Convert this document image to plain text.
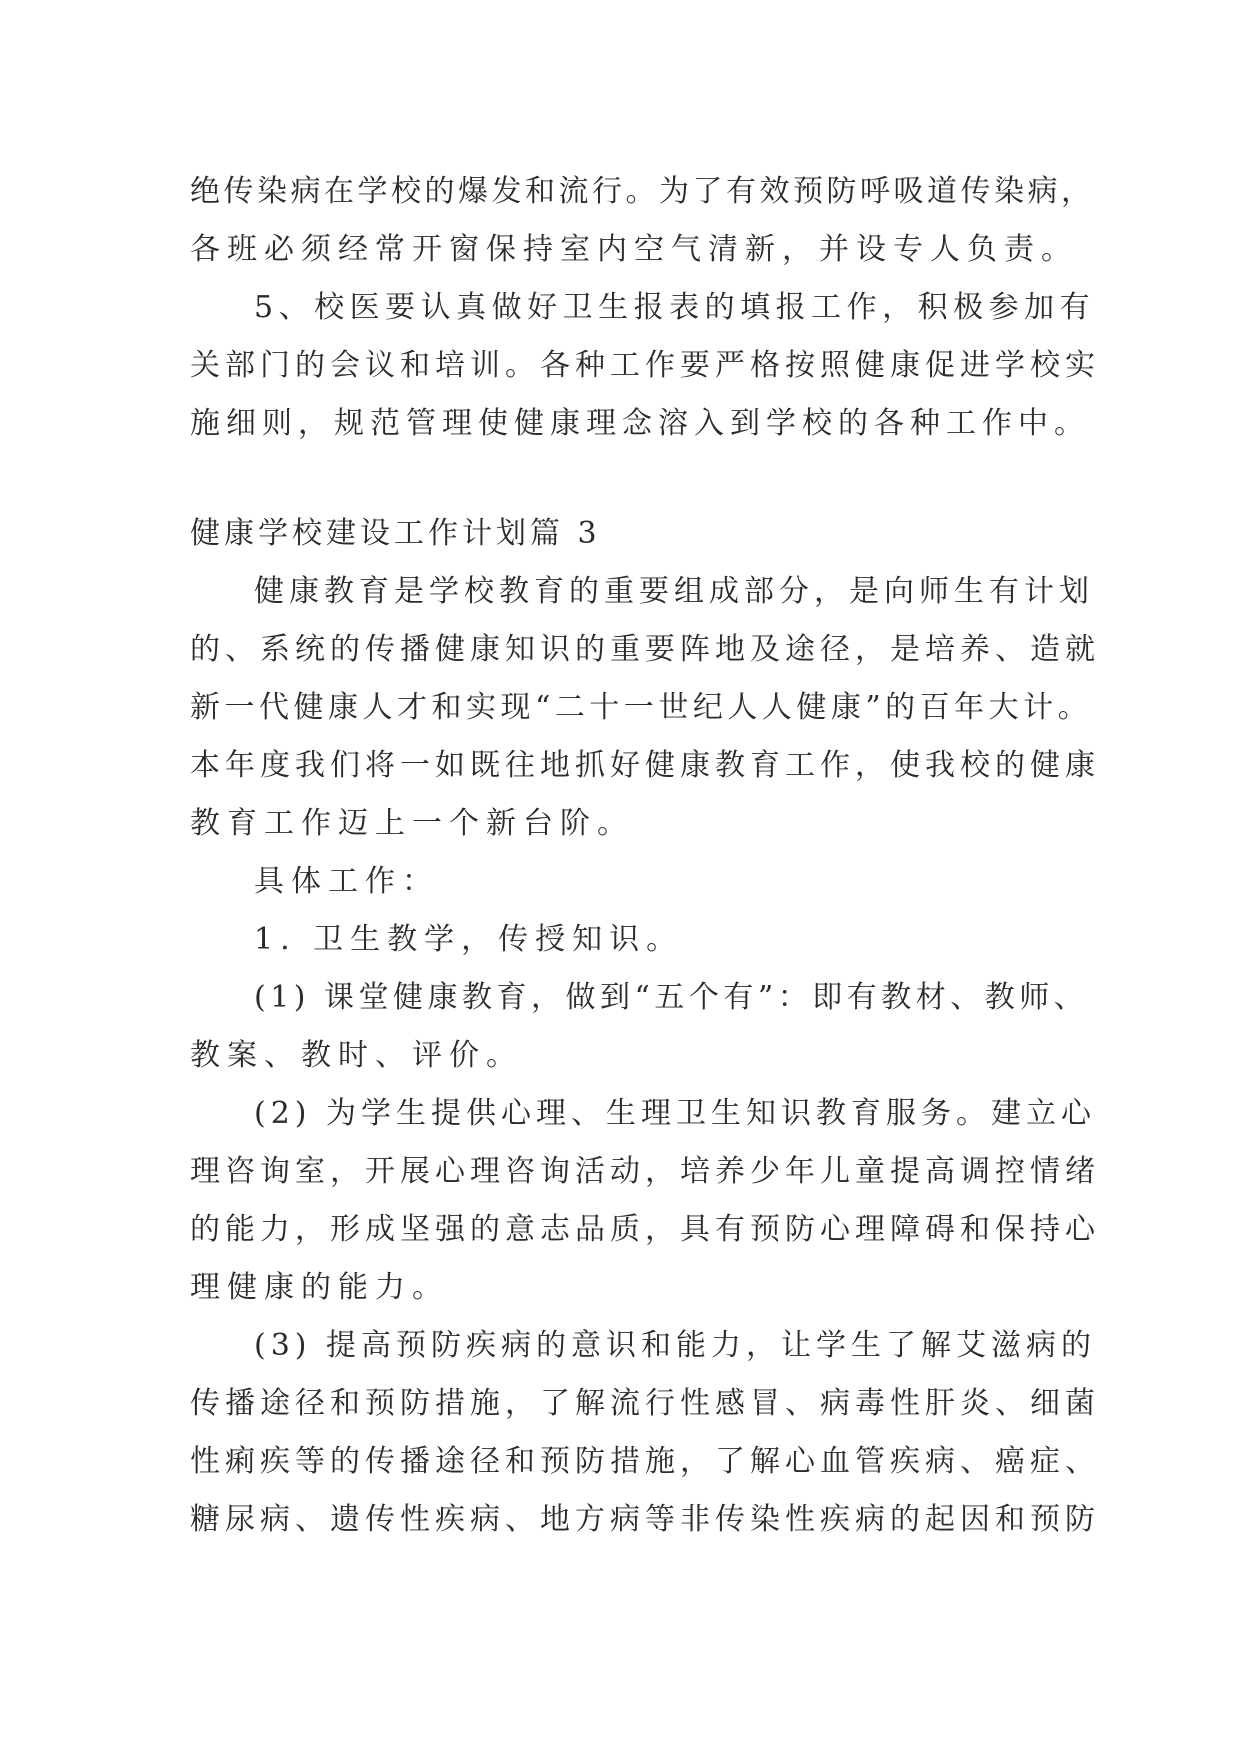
绝传染病在学校的爆发和流行。为了有效预防呼吸道传染病，
各班必须经常开窗保持室内空气清新，并设专人负责。
5、校医要认真做好卫生报表的填报工作，积极参加有
关部门的会议和培训。各种工作要严格按照健康促进学校实
施细则，规范管理使健康理念溶入到学校的各种工作中。
健康学校建设工作计划篇 3
健康教育是学校教育的重要组成部分，是向师生有计划
的、系统的传播健康知识的重要阵地及途径，是培养、造就
新一代健康人才和实现“二十一世纪人人健康”的百年大计。
本年度我们将一如既往地抓好健康教育工作，使我校的健康
教育工作迈上一个新台阶。
具体工作：
1. 卫生教学，传授知识。
(1) 课堂健康教育，做到“五个有”：即有教材、教师、
教案、教时、评价。
(2) 为学生提供心理、生理卫生知识教育服务。建立心
理咨询室，开展心理咨询活动，培养少年儿童提高调控情绪
的能力，形成坚强的意志品质，具有预防心理障碍和保持心
理健康的能力。
(3) 提高预防疾病的意识和能力，让学生了解艾滋病的
传播途径和预防措施，了解流行性感冒、病毒性肝炎、细菌
性痢疾等的传播途径和预防措施，了解心血管疾病、癌症、
糖尿病、遗传性疾病、地方病等非传染性疾病的起因和预防
